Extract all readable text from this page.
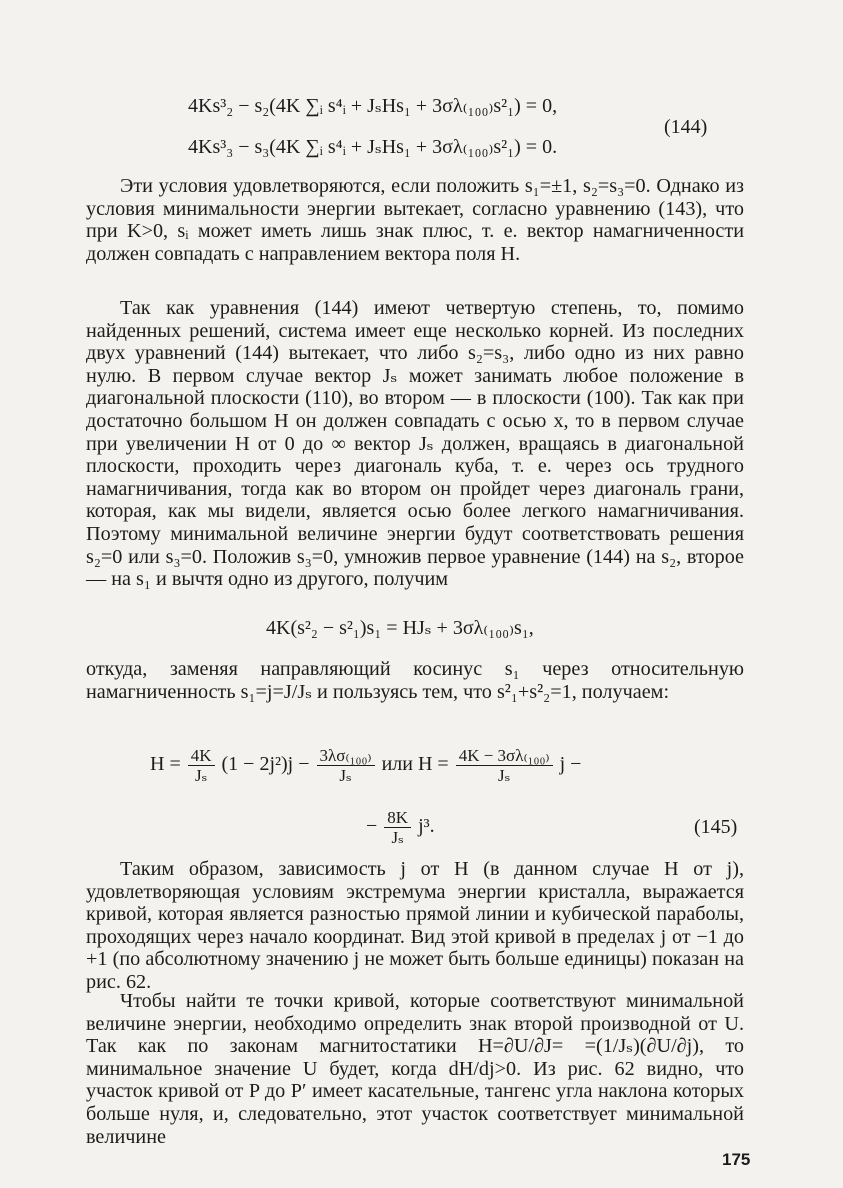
4Ks³₂ − s₂(4K ∑ᵢ s⁴ᵢ + JₛHs₁ + 3σλ₍₁₀₀₎s²₁) = 0,
4Ks³₃ − s₃(4K ∑ᵢ s⁴ᵢ + JₛHs₁ + 3σλ₍₁₀₀₎s²₁) = 0.
(144)

Эти условия удовлетворяются, если положить s₁=±1, s₂=s₃=0. Однако из условия минимальности энергии вытекает, согласно уравнению (143), что при K>0, sᵢ может иметь лишь знак плюс, т. е. вектор намагниченности должен совпадать с направлением вектора поля H.

Так как уравнения (144) имеют четвертую степень, то, помимо найденных решений, система имеет еще несколько корней. Из последних двух уравнений (144) вытекает, что либо s₂=s₃, либо одно из них равно нулю. В первом случае вектор Jₛ может занимать любое положение в диагональной плоскости (110), во втором — в плоскости (100). Так как при достаточно большом H он должен совпадать с осью x, то в первом случае при увеличении H от 0 до ∞ вектор Jₛ должен, вращаясь в диагональной плоскости, проходить через диагональ куба, т. е. через ось трудного намагничивания, тогда как во втором он пройдет через диагональ грани, которая, как мы видели, является осью более легкого намагничивания. Поэтому минимальной величине энергии будут соответствовать решения s₂=0 или s₃=0. Положив s₃=0, умножив первое уравнение (144) на s₂, второе — на s₁ и вычтя одно из другого, получим

4K(s²₂ − s²₁)s₁ = HJₛ + 3σλ₍₁₀₀₎s₁,

откуда, заменяя направляющий косинус s₁ через относительную намагниченность s₁=j=J/Jₛ и пользуясь тем, что s²₁+s²₂=1, получаем:

$H = \frac{4K}{\text{Jₛ}} (1 - 2j^2)j - \frac{\text{3λσ₍₁₀₀₎}}{\text{Jₛ}}$ или $H = \frac{\text{4K − 3σλ₍₁₀₀₎}}{\text{Jₛ}}$ j −
− $\frac{8K}{\text{Jₛ}} j^3$.	(145)

Таким образом, зависимость j от H (в данном случае H от j), удовлетворяющая условиям экстремума энергии кристалла, выражается кривой, которая является разностью прямой линии и кубической параболы, проходящих через начало координат. Вид этой кривой в пределах j от −1 до +1 (по абсолютному значению j не может быть больше единицы) показан на рис. 62.

Чтобы найти те точки кривой, которые соответствуют минимальной величине энергии, необходимо определить знак второй производной от U. Так как по законам магнитостатики H=∂U/∂J= =(1/Jₛ)(∂U/∂j), то минимальное значение U будет, когда dH/dj>0. Из рис. 62 видно, что участок кривой от P до P′ имеет касательные, тангенс угла наклона которых больше нуля, и, следовательно, этот участок соответствует минимальной величине

175
